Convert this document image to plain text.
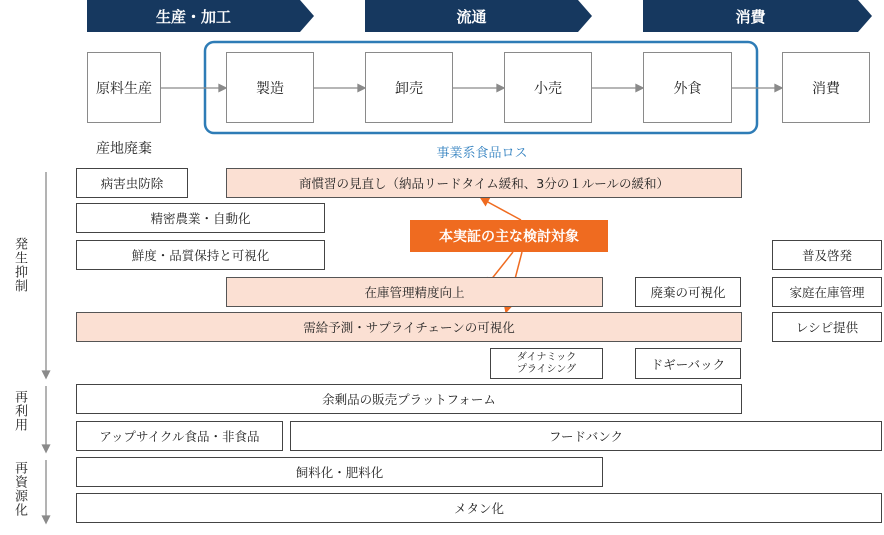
生産・加工	流通	消費
原料生産	製造	卸売	小売	外食	消費
産地廃棄	事業系食品ロス
発生抑制
再利用
再資源化
病害虫防除	商慣習の見直し（納品リードタイム緩和、3分の１ルールの緩和）
精密農業・自動化
鮮度・品質保持と可視化	普及啓発
在庫管理精度向上	廃棄の可視化	家庭在庫管理
需給予測・サプライチェーンの可視化	レシピ提供
ダイナミック
プライシング	ドギーバック
余剰品の販売プラットフォーム
アップサイクル食品・非食品	フードバンク
飼料化・肥料化
メタン化
本実証の主な検討対象
